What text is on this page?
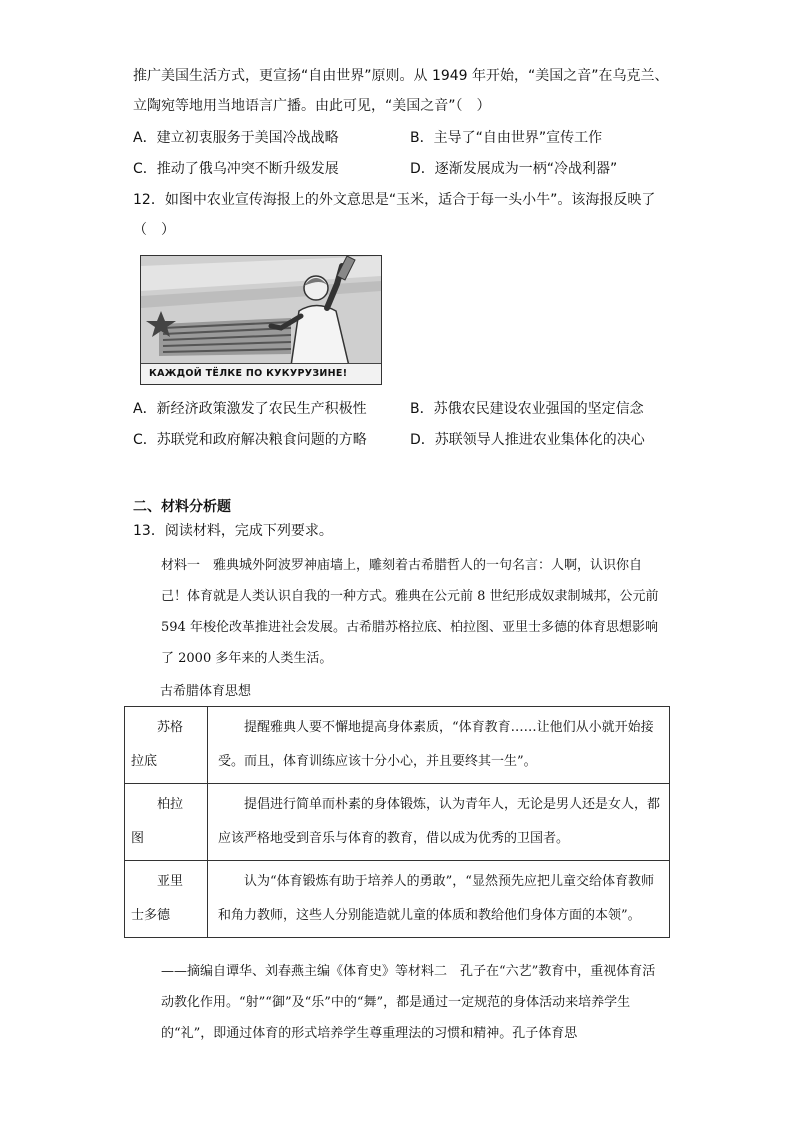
推广美国生活方式，更宣扬“自由世界”原则。从 1949 年开始，“美国之音”在乌克兰、
立陶宛等地用当地语言广播。由此可见，“美国之音”（　）
A．建立初衷服务于美国冷战战略	B．主导了“自由世界”宣传工作
C．推动了俄乌冲突不断升级发展	D．逐渐发展成为一柄“冷战利器”
12．如图中农业宣传海报上的外文意思是“玉米，适合于每一头小牛”。该海报反映了
（　）
КАЖДОЙ ТЁЛКЕ ПО КУКУРУЗИНЕ!
A．新经济政策激发了农民生产积极性	B．苏俄农民建设农业强国的坚定信念
C．苏联党和政府解决粮食问题的方略	D．苏联领导人推进农业集体化的决心
二、材料分析题
13．阅读材料，完成下列要求。
材料一　雅典城外阿波罗神庙墙上，雕刻着古希腊哲人的一句名言：人啊，认识你自己！体育就是人类认识自我的一种方式。雅典在公元前 8 世纪形成奴隶制城邦，公元前 594 年梭伦改革推进社会发展。古希腊苏格拉底、柏拉图、亚里士多德的体育思想影响了 2000 多年来的人类生活。
古希腊体育思想
苏格
拉底	提醒雅典人要不懈地提高身体素质，“体育教育……让他们从小就开始接受。而且，体育训练应该十分小心，并且要终其一生”。

柏拉
图	提倡进行简单而朴素的身体锻炼，认为青年人，无论是男人还是女人，都应该严格地受到音乐与体育的教育，借以成为优秀的卫国者。

亚里
士多德	认为“体育锻炼有助于培养人的勇敢”，“显然预先应把儿童交给体育教师和角力教师，这些人分别能造就儿童的体质和教给他们身体方面的本领”。
——摘编自谭华、刘春燕主编《体育史》等材料二　孔子在“六艺”教育中，重视体育活动教化作用。“射”“御”及“乐”中的“舞”，都是通过一定规范的身体活动来培养学生的“礼”，即通过体育的形式培养学生尊重理法的习惯和精神。孔子体育思
